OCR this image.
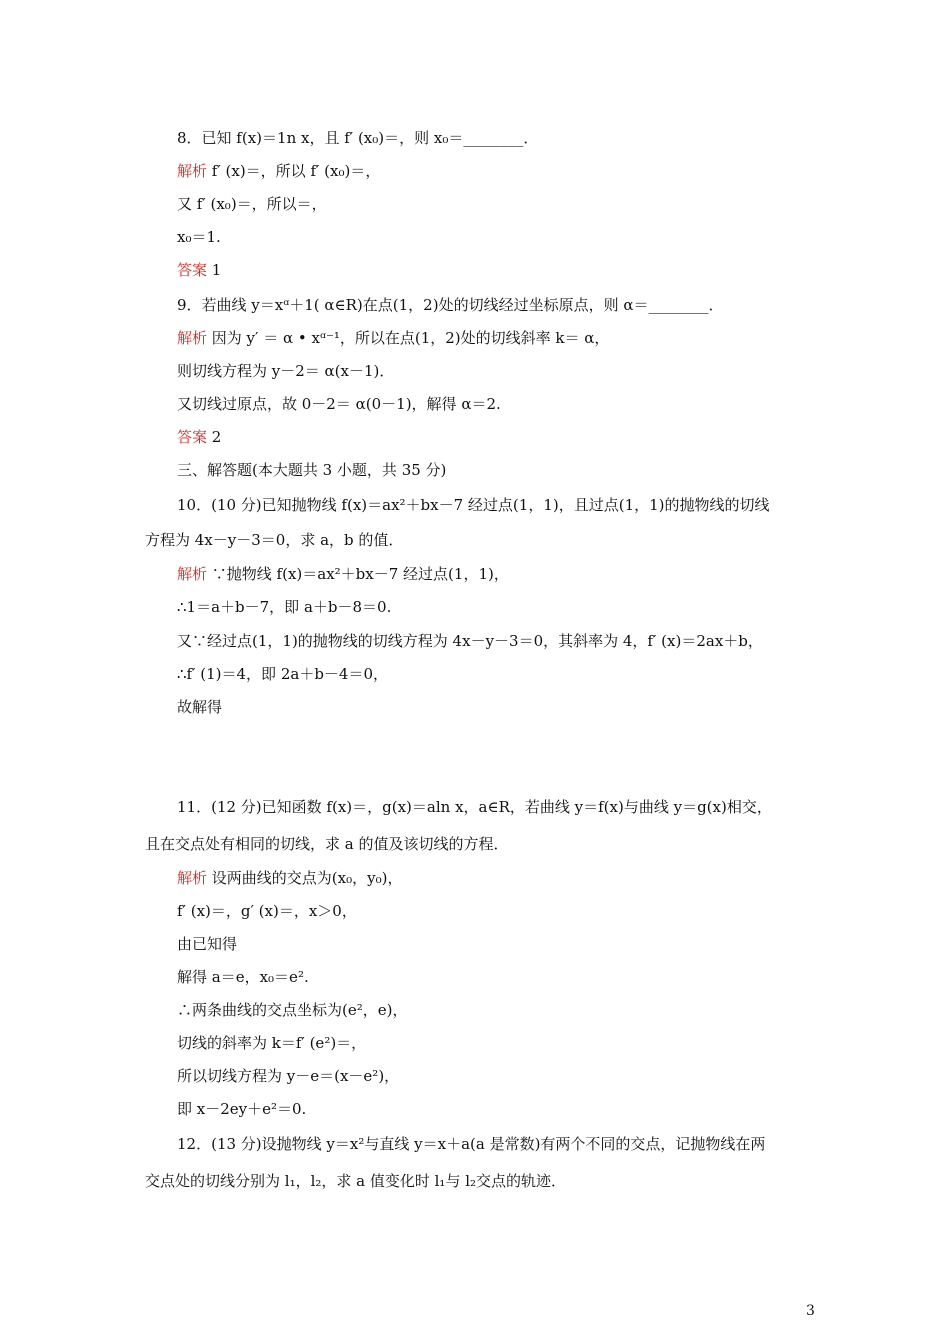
8．已知 f(x)＝1n x，且 f′ (x₀)＝，则 x₀＝________．
解析 f′ (x)＝，所以 f′ (x₀)＝，
又 f′ (x₀)＝，所以＝，
x₀＝1.
答案 1
9．若曲线 y＝xᵅ＋1( α∈R)在点(1，2)处的切线经过坐标原点，则 α＝________．
解析 因为 y′ ＝ α • xᵅ⁻¹，所以在点(1，2)处的切线斜率 k＝ α，
则切线方程为 y－2＝ α(x－1)．
又切线过原点，故 0－2＝ α(0－1)，解得 α＝2.
答案 2
三、解答题(本大题共 3 小题，共 35 分)
10．(10 分)已知抛物线 f(x)＝ax²＋bx－7 经过点(1，1)，且过点(1，1)的抛物线的切线
方程为 4x－y－3＝0，求 a，b 的值．
解析 ∵抛物线 f(x)＝ax²＋bx－7 经过点(1，1)，
∴1＝a＋b－7，即 a＋b－8＝0.
又∵经过点(1，1)的抛物线的切线方程为 4x－y－3＝0，其斜率为 4，f′ (x)＝2ax＋b，
∴f′ (1)＝4，即 2a＋b－4＝0，
故解得
11．(12 分)已知函数 f(x)＝，g(x)＝aln x，a∈R，若曲线 y＝f(x)与曲线 y＝g(x)相交，
且在交点处有相同的切线，求 a 的值及该切线的方程．
解析 设两曲线的交点为(x₀，y₀)，
f′ (x)＝，g′ (x)＝，x＞0，
由已知得
解得 a＝e，x₀＝e².
∴两条曲线的交点坐标为(e²，e)，
切线的斜率为 k＝f′ (e²)＝，
所以切线方程为 y－e＝(x－e²)，
即 x－2ey＋e²＝0.
12．(13 分)设抛物线 y＝x²与直线 y＝x＋a(a 是常数)有两个不同的交点，记抛物线在两
交点处的切线分别为 l₁，l₂，求 a 值变化时 l₁与 l₂交点的轨迹．
3
